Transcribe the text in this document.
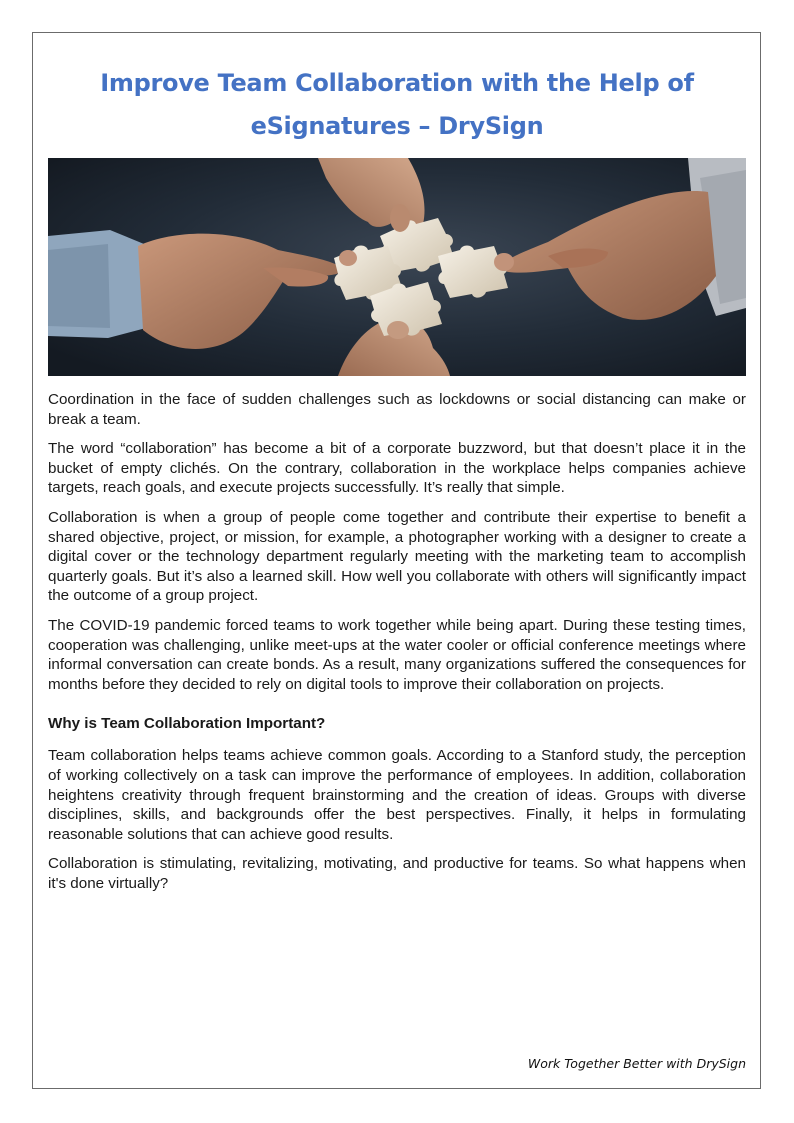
Improve Team Collaboration with the Help of eSignatures – DrySign

Coordination in the face of sudden challenges such as lockdowns or social distancing can make or break a team.

The word “collaboration” has become a bit of a corporate buzzword, but that doesn’t place it in the bucket of empty clichés. On the contrary, collaboration in the workplace helps companies achieve targets, reach goals, and execute projects successfully. It’s really that simple.

Collaboration is when a group of people come together and contribute their expertise to benefit a shared objective, project, or mission, for example, a photographer working with a designer to create a digital cover or the technology department regularly meeting with the marketing team to accomplish quarterly goals. But it’s also a learned skill. How well you collaborate with others will significantly impact the outcome of a group project.

The COVID-19 pandemic forced teams to work together while being apart. During these testing times, cooperation was challenging, unlike meet-ups at the water cooler or official conference meetings where informal conversation can create bonds. As a result, many organizations suffered the consequences for months before they decided to rely on digital tools to improve their collaboration on projects.

Why is Team Collaboration Important?

Team collaboration helps teams achieve common goals. According to a Stanford study, the perception of working collectively on a task can improve the performance of employees. In addition, collaboration heightens creativity through frequent brainstorming and the creation of ideas. Groups with diverse disciplines, skills, and backgrounds offer the best perspectives. Finally, it helps in formulating reasonable solutions that can achieve good results.

Collaboration is stimulating, revitalizing, motivating, and productive for teams. So what happens when it's done virtually?

Work Together Better with DrySign
